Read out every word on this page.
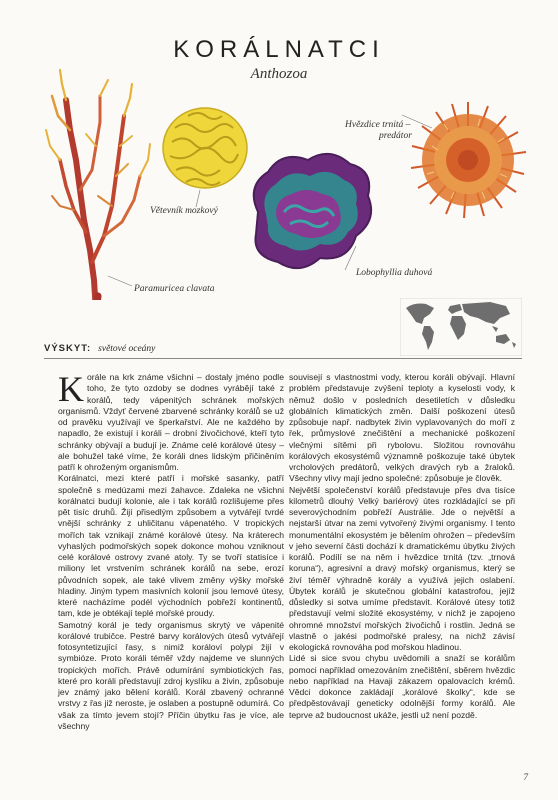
KORÁLNATCI
Anthozoa
Hvězdice trnitá –
predátor
Větevník mozkový
Lobophyllia duhová
Paramuricea clavata
VÝSKYT: světové oceány

Korále na krk známe všichni – dostaly jméno podle toho, že tyto ozdoby se dodnes vyrábějí také z korálů, tedy vápenitých schránek mořských organismů. Vždyť červené zbarvené schránky korálů se už od pravěku využívají ve šperkařství. Ale ne každého by napadlo, že existují i koráli – drobní živočichové, kteří tyto schránky obývají a budují je. Známe celé korálové útesy – ale bohužel také víme, že koráli dnes lidským přičiněním patří k ohroženým organismům.

Korálnatci, mezi které patří i mořské sasanky, patří společně s medúzami mezi žahavce. Zdaleka ne všichni korálnatci budují kolonie, ale i tak korálů rozlišujeme přes pět tisíc druhů. Žijí přisedlým způsobem a vytvářejí tvrdé vnější schránky z uhličitanu vápenatého. V tropických mořích tak vznikají známé korálové útesy. Na kráterech vyhaslých podmořských sopek dokonce mohou vzniknout celé korálové ostrovy zvané atoly. Ty se tvoří statisíce i miliony let vrstvením schránek korálů na sebe, erozí původních sopek, ale také vlivem změny výšky mořské hladiny. Jiným typem masivních kolonií jsou lemové útesy, které nacházíme podél východních pobřeží kontinentů, tam, kde je obtékají teplé mořské proudy.

Samotný korál je tedy organismus skrytý ve vápenité korálové trubičce. Pestré barvy korálových útesů vytvářejí fotosyntetizující řasy, s nimiž koráloví polypi žijí v symbióze. Proto koráli téměř vždy najdeme ve slunných tropických mořích. Právě odumírání symbiotických řas, které pro koráli představují zdroj kyslíku a živin, způsobuje jev známý jako bělení korálů. Korál zbavený ochranné vrstvy z řas již neroste, je oslaben a postupně odumírá. Co však za tímto jevem stojí? Příčin úbytku řas je více, ale všechny

souvisejí s vlastnostmi vody, kterou koráli obývají. Hlavní problém představuje zvýšení teploty a kyselosti vody, k němuž došlo v posledních desetiletích v důsledku globálních klimatických změn. Další poškození útesů způsobuje např. nadbytek živin vyplavovaných do moří z řek, průmyslové znečištění a mechanické poškození vlečnými sítěmi při rybolovu. Složitou rovnováhu korálových ekosystémů významně poškozuje také úbytek vrcholových predátorů, velkých dravých ryb a žraloků. Všechny vlivy mají jedno společné: způsobuje je člověk.

Největší společenství korálů představuje přes dva tisíce kilometrů dlouhý Velký bariérový útes rozkládající se při severovýchodním pobřeží Austrálie. Jde o největší a nejstarší útvar na zemi vytvořený živými organismy. I tento monumentální ekosystém je bělením ohrožen – především v jeho severní části dochází k dramatickému úbytku živých korálů. Podílí se na něm i hvězdice trnitá (tzv. „trnová koruna“), agresivní a dravý mořský organismus, který se živí téměř výhradně korály a využívá jejich oslabení. Úbytek korálů je skutečnou globální katastrofou, jejíž důsledky si sotva umíme představit. Korálové útesy totiž představují velmi složité ekosystémy, v nichž je zapojeno ohromné množství mořských živočichů i rostlin. Jedná se vlastně o jakési podmořské pralesy, na nichž závisí ekologická rovnováha pod mořskou hladinou.

Lidé si sice svou chybu uvědomili a snaží se korálům pomoci například omezováním znečištění, sběrem hvězdic nebo například na Havaji zákazem opalovacích krémů. Vědci dokonce zakládají „korálové školky“, kde se předpěstovávají geneticky odolnější formy korálů. Ale teprve až budoucnost ukáže, jestli už není pozdě.

7
